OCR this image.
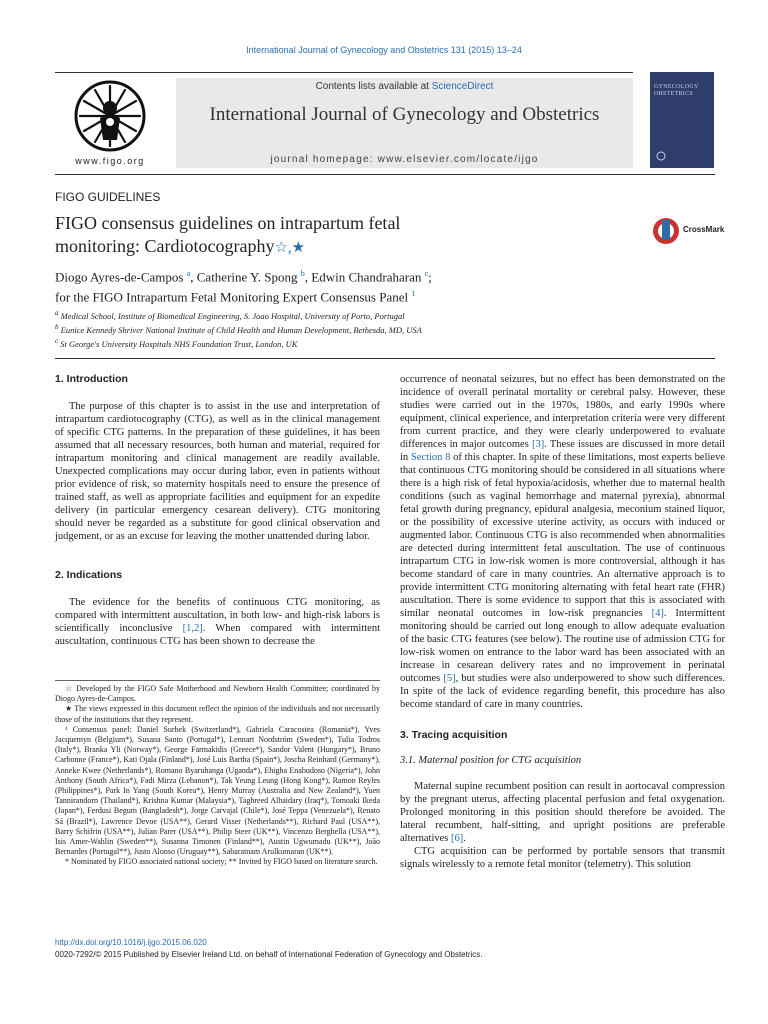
International Journal of Gynecology and Obstetrics 131 (2015) 13–24
www.figo.org
Contents lists available at ScienceDirect
International Journal of Gynecology and Obstetrics
journal homepage: www.elsevier.com/locate/ijgo
GYNECOLOGY OBSTETRICS
FIGO GUIDELINES
FIGO consensus guidelines on intrapartum fetal
monitoring: Cardiotocography☆,★
CrossMark
Diogo Ayres-de-Campos $^a$, Catherine Y. Spong $^b$, Edwin Chandraharan $^c$;
for the FIGO Intrapartum Fetal Monitoring Expert Consensus Panel $^1$
$^a$ Medical School, Institute of Biomedical Engineering, S. Joao Hospital, University of Porto, Portugal
$^b$ Eunice Kennedy Shriver National Institute of Child Health and Human Development, Bethesda, MD, USA
$^c$ St George's University Hospitals NHS Foundation Trust, London, UK
1. Introduction

The purpose of this chapter is to assist in the use and interpretation of intrapartum cardiotocography (CTG), as well as in the clinical management of specific CTG patterns. In the preparation of these guidelines, it has been assumed that all necessary resources, both human and material, required for intrapartum monitoring and clinical management are readily available. Unexpected complications may occur during labor, even in patients without prior evidence of risk, so maternity hospitals need to ensure the presence of trained staff, as well as appropriate facilities and equipment for an expedite delivery (in particular emergency cesarean delivery). CTG monitoring should never be regarded as a substitute for good clinical observation and judgement, or as an excuse for leaving the mother unattended during labor.

2. Indications

The evidence for the benefits of continuous CTG monitoring, as compared with intermittent auscultation, in both low- and high-risk labors is scientifically inconclusive [1,2]. When compared with intermittent auscultation, continuous CTG has been shown to decrease the

☆ Developed by the FIGO Safe Motherhood and Newborn Health Committee; coordinated by Diogo Ayres-de-Campos.

★ The views expressed in this document reflect the opinion of the individuals and not necessarily those of the institutions that they represent.

¹ Consensus panel: Daniel Surbek (Switzerland*), Gabriela Caracostea (Romania*), Yves Jacquemyn (Belgium*), Susana Santo (Portugal*), Lennart Nordström (Sweden*), Tulia Todros (Italy*), Branka Yli (Norway*), George Farmakidis (Greece*), Sandor Valent (Hungary*), Bruno Carbonne (France*), Kati Ojala (Finland*), José Luis Bartha (Spain*), Joscha Reinhard (Germany*), Anneke Kwee (Netherlands*), Romano Byaruhanga (Uganda*), Ehigha Enabudoso (Nigeria*), John Anthony (South Africa*), Fadi Mirza (Lebanon*), Tak Yeung Leung (Hong Kong*), Ramon Reyles (Philippines*), Park In Yang (South Korea*), Henry Murray (Australia and New Zealand*), Yuen Tannirandorn (Thailand*), Krishna Kumar (Malaysia*), Taghreed Alhaidary (Iraq*), Tomoaki Ikeda (Japan*), Ferdusi Begum (Bangladesh*), Jorge Carvajal (Chile*), José Teppa (Venezuela*), Renato Sá (Brazil*), Lawrence Devoe (USA**), Gerard Visser (Netherlands**), Richard Paul (USA**), Barry Schifrin (USA**), Julian Parer (USA**), Philip Steer (UK**), Vincenzo Berghella (USA**), Isis Amer-Wahlin (Sweden**), Susanna Timonen (Finland**), Austin Ugwumadu (UK**), João Bernardes (Portugal**), Justo Alonso (Uruguay**), Sabaratnam Arulkumaran (UK**).

* Nominated by FIGO associated national society; ** Invited by FIGO based on literature search.

occurrence of neonatal seizures, but no effect has been demonstrated on the incidence of overall perinatal mortality or cerebral palsy. However, these studies were carried out in the 1970s, 1980s, and early 1990s where equipment, clinical experience, and interpretation criteria were very different from current practice, and they were clearly underpowered to evaluate differences in major outcomes [3]. These issues are discussed in more detail in Section 8 of this chapter. In spite of these limitations, most experts believe that continuous CTG monitoring should be considered in all situations where there is a high risk of fetal hypoxia/acidosis, whether due to maternal health conditions (such as vaginal hemorrhage and maternal pyrexia), abnormal fetal growth during pregnancy, epidural analgesia, meconium stained liquor, or the possibility of excessive uterine activity, as occurs with induced or augmented labor. Continuous CTG is also recommended when abnormalities are detected during intermittent fetal auscultation. The use of continuous intrapartum CTG in low-risk women is more controversial, although it has become standard of care in many countries. An alternative approach is to provide intermittent CTG monitoring alternating with fetal heart rate (FHR) auscultation. There is some evidence to support that this is associated with similar neonatal outcomes in low-risk pregnancies [4]. Intermittent monitoring should be carried out long enough to allow adequate evaluation of the basic CTG features (see below). The routine use of admission CTG for low-risk women on entrance to the labor ward has been associated with an increase in cesarean delivery rates and no improvement in perinatal outcomes [5], but studies were also underpowered to show such differences. In spite of the lack of evidence regarding benefit, this procedure has also become standard of care in many countries.

3. Tracing acquisition
3.1. Maternal position for CTG acquisition

Maternal supine recumbent position can result in aortocaval compression by the pregnant uterus, affecting placental perfusion and fetal oxygenation. Prolonged monitoring in this position should therefore be avoided. The lateral recumbent, half-sitting, and upright positions are preferable alternatives [6].

CTG acquisition can be performed by portable sensors that transmit signals wirelessly to a remote fetal monitor (telemetry). This solution

http://dx.doi.org/10.1016/j.ijgo.2015.06.020
0020-7292/© 2015 Published by Elsevier Ireland Ltd. on behalf of International Federation of Gynecology and Obstetrics.
